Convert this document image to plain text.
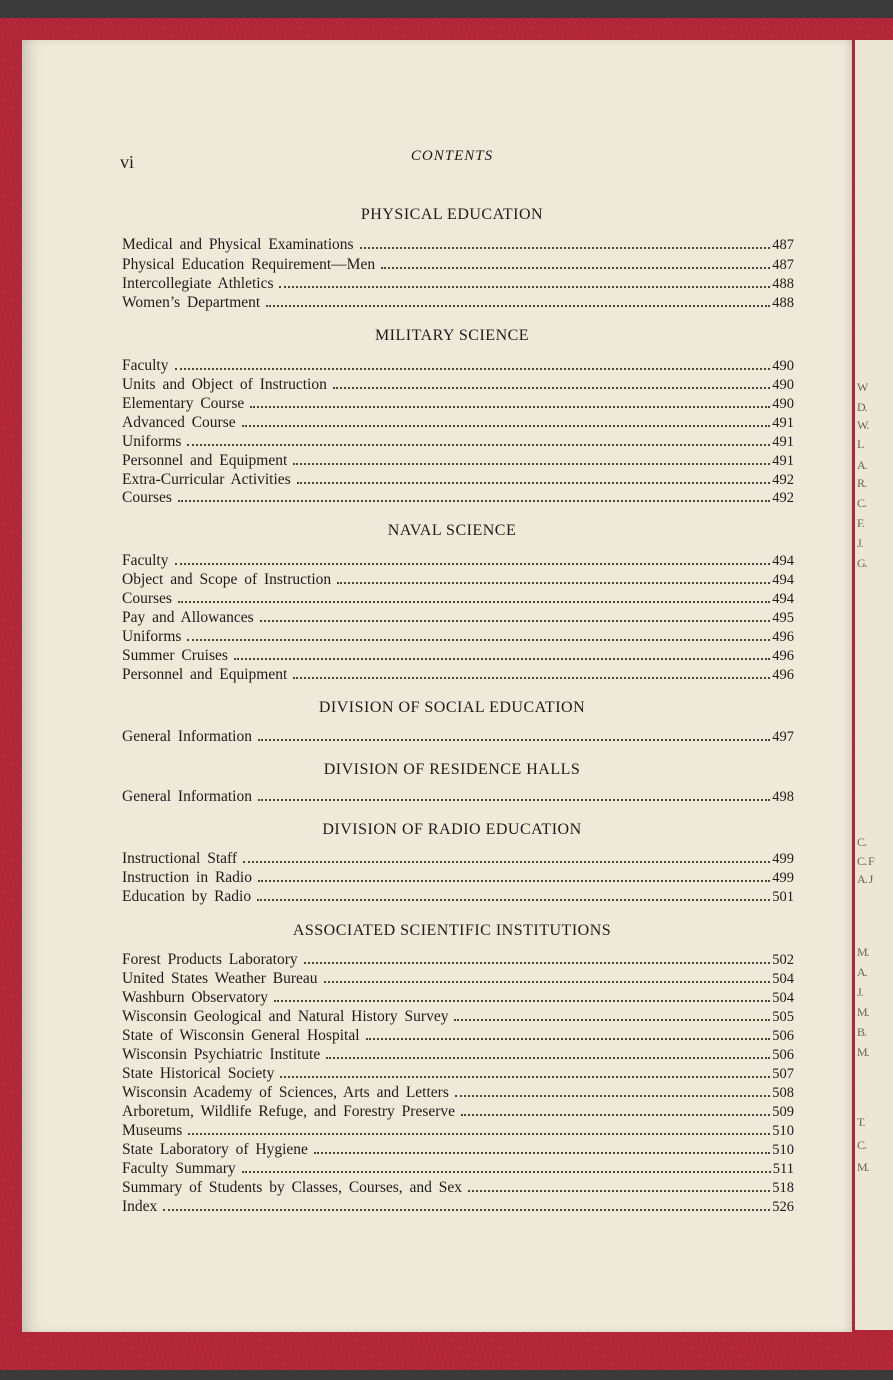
W
D.
W.
L
A.
R.
C.
F.
J.
G.
C.
C. F
A. J
M.
A.
J.
M.
B.
M.
T.
C.
M.
vi	CONTENTS
PHYSICAL EDUCATION
Medical and Physical Examinations	487
Physical Education Requirement—Men	487
Intercollegiate Athletics	488
Women’s Department	488
MILITARY SCIENCE
Faculty	490
Units and Object of Instruction	490
Elementary Course	490
Advanced Course	491
Uniforms	491
Personnel and Equipment	491
Extra-Curricular Activities	492
Courses	492
NAVAL SCIENCE
Faculty	494
Object and Scope of Instruction	494
Courses	494
Pay and Allowances	495
Uniforms	496
Summer Cruises	496
Personnel and Equipment	496
DIVISION OF SOCIAL EDUCATION
General Information	497
DIVISION OF RESIDENCE HALLS
General Information	498
DIVISION OF RADIO EDUCATION
Instructional Staff	499
Instruction in Radio	499
Education by Radio	501
ASSOCIATED SCIENTIFIC INSTITUTIONS
Forest Products Laboratory	502
United States Weather Bureau	504
Washburn Observatory	504
Wisconsin Geological and Natural History Survey	505
State of Wisconsin General Hospital	506
Wisconsin Psychiatric Institute	506
State Historical Society	507
Wisconsin Academy of Sciences, Arts and Letters	508
Arboretum, Wildlife Refuge, and Forestry Preserve	509
Museums	510
State Laboratory of Hygiene	510
Faculty Summary	511
Summary of Students by Classes, Courses, and Sex	518
Index	526
